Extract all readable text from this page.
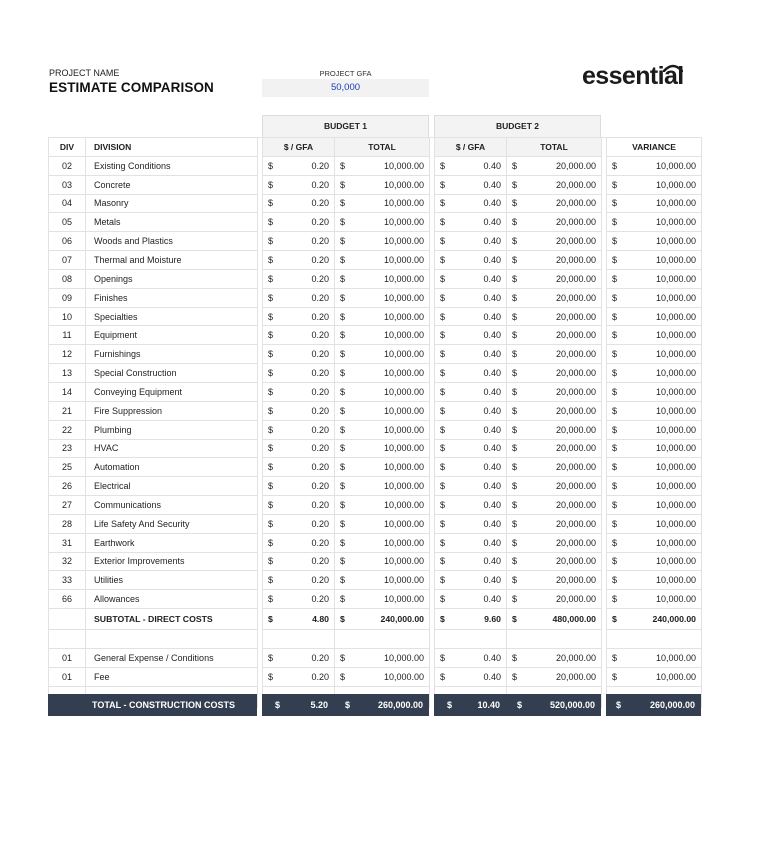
PROJECT NAME
ESTIMATE COMPARISON
PROJECT GFA
50,000	essential
BUDGET 1	BUDGET 2
DIV	DIVISION		$ / GFA		TOTAL			$ / GFA		TOTAL			VARIANCE	
02	Existing Conditions		$	0.20	$	10,000.00		$	0.40	$	20,000.00		$	10,000.00
03	Concrete		$	0.20	$	10,000.00		$	0.40	$	20,000.00		$	10,000.00
04	Masonry		$	0.20	$	10,000.00		$	0.40	$	20,000.00		$	10,000.00
05	Metals		$	0.20	$	10,000.00		$	0.40	$	20,000.00		$	10,000.00
06	Woods and Plastics		$	0.20	$	10,000.00		$	0.40	$	20,000.00		$	10,000.00
07	Thermal and Moisture		$	0.20	$	10,000.00		$	0.40	$	20,000.00		$	10,000.00
08	Openings		$	0.20	$	10,000.00		$	0.40	$	20,000.00		$	10,000.00
09	Finishes		$	0.20	$	10,000.00		$	0.40	$	20,000.00		$	10,000.00
10	Specialties		$	0.20	$	10,000.00		$	0.40	$	20,000.00		$	10,000.00
11	Equipment		$	0.20	$	10,000.00		$	0.40	$	20,000.00		$	10,000.00
12	Furnishings		$	0.20	$	10,000.00		$	0.40	$	20,000.00		$	10,000.00
13	Special Construction		$	0.20	$	10,000.00		$	0.40	$	20,000.00		$	10,000.00
14	Conveying Equipment		$	0.20	$	10,000.00		$	0.40	$	20,000.00		$	10,000.00
21	Fire Suppression		$	0.20	$	10,000.00		$	0.40	$	20,000.00		$	10,000.00
22	Plumbing		$	0.20	$	10,000.00		$	0.40	$	20,000.00		$	10,000.00
23	HVAC		$	0.20	$	10,000.00		$	0.40	$	20,000.00		$	10,000.00
25	Automation		$	0.20	$	10,000.00		$	0.40	$	20,000.00		$	10,000.00
26	Electrical		$	0.20	$	10,000.00		$	0.40	$	20,000.00		$	10,000.00
27	Communications		$	0.20	$	10,000.00		$	0.40	$	20,000.00		$	10,000.00
28	Life Safety And Security		$	0.20	$	10,000.00		$	0.40	$	20,000.00		$	10,000.00
31	Earthwork		$	0.20	$	10,000.00		$	0.40	$	20,000.00		$	10,000.00
32	Exterior Improvements		$	0.20	$	10,000.00		$	0.40	$	20,000.00		$	10,000.00
33	Utilities		$	0.20	$	10,000.00		$	0.40	$	20,000.00		$	10,000.00
66	Allowances		$	0.20	$	10,000.00		$	0.40	$	20,000.00		$	10,000.00
	SUBTOTAL - DIRECT COSTS		$	4.80	$	240,000.00		$	9.60	$	480,000.00		$	240,000.00

01	General Expense / Conditions		$	0.20	$	10,000.00		$	0.40	$	20,000.00		$	10,000.00
01	Fee		$	0.20	$	10,000.00		$	0.40	$	20,000.00		$	10,000.00

TOTAL - CONSTRUCTION COSTS	$	5.20 $	260,000.00	$	10.40 $	520,000.00 $	260,000.00
